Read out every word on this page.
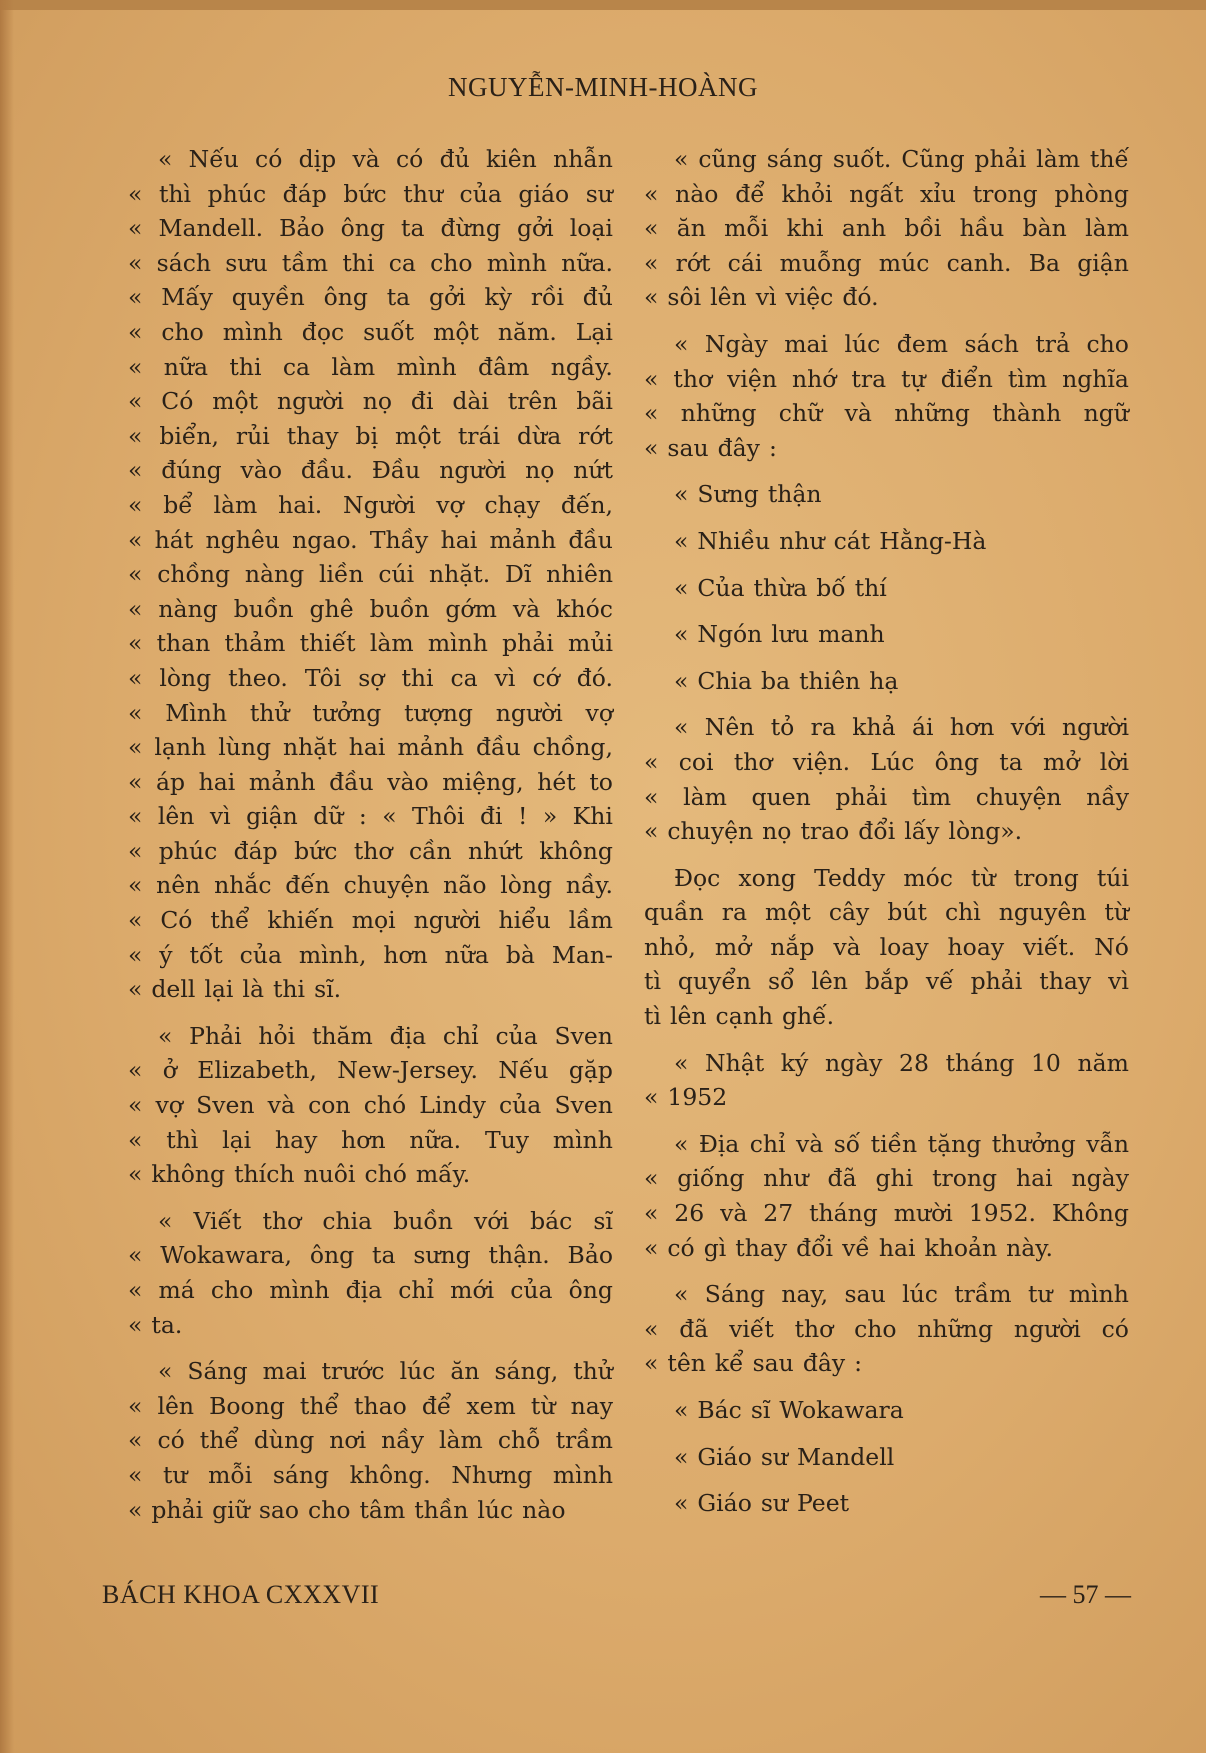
NGUYỄN-MINH-HOÀNG
« Nếu có dịp và có đủ kiên nhẫn
« thì phúc đáp bức thư của giáo sư
« Mandell. Bảo ông ta đừng gởi loại
« sách sưu tầm thi ca cho mình nữa.
« Mấy quyền ông ta gởi kỳ rồi đủ
« cho mình đọc suốt một năm. Lại
« nữa thi ca làm mình đâm ngầy.
« Có một người nọ đi dài trên bãi
« biển, rủi thay bị một trái dừa rớt
« đúng vào đầu. Đầu người nọ nứt
« bể làm hai. Người vợ chạy đến,
« hát nghêu ngao. Thầy hai mảnh đầu
« chồng nàng liền cúi nhặt. Dĩ nhiên
« nàng buồn ghê buồn gớm và khóc
« than thảm thiết làm mình phải mủi
« lòng theo. Tôi sợ thi ca vì cớ đó.
« Mình thử tưởng tượng người vợ
« lạnh lùng nhặt hai mảnh đầu chồng,
« áp hai mảnh đầu vào miệng, hét to
« lên vì giận dữ : « Thôi đi ! » Khi
« phúc đáp bức thơ cần nhứt không
« nên nhắc đến chuyện não lòng nầy.
« Có thể khiến mọi người hiểu lầm
« ý tốt của mình, hơn nữa bà Man-
« dell lại là thi sĩ.
« Phải hỏi thăm địa chỉ của Sven
« ở Elizabeth, New-Jersey. Nếu gặp
« vợ Sven và con chó Lindy của Sven
« thì lại hay hơn nữa. Tuy mình
« không thích nuôi chó mấy.
« Viết thơ chia buồn với bác sĩ
« Wokawara, ông ta sưng thận. Bảo
« má cho mình địa chỉ mới của ông
« ta.
« Sáng mai trước lúc ăn sáng, thử
« lên Boong thể thao để xem từ nay
« có thể dùng nơi nầy làm chỗ trầm
« tư mỗi sáng không. Nhưng mình
« phải giữ sao cho tâm thần lúc nào
« cũng sáng suốt. Cũng phải làm thế
« nào để khỏi ngất xỉu trong phòng
« ăn mỗi khi anh bồi hầu bàn làm
« rớt cái muỗng múc canh. Ba giận
« sôi lên vì việc đó.
« Ngày mai lúc đem sách trả cho
« thơ viện nhớ tra tự điển tìm nghĩa
« những chữ và những thành ngữ
« sau đây :
« Sưng thận
« Nhiều như cát Hằng-Hà
« Của thừa bố thí
« Ngón lưu manh
« Chia ba thiên hạ
« Nên tỏ ra khả ái hơn với người
« coi thơ viện. Lúc ông ta mở lời
« làm quen phải tìm chuyện nầy
« chuyện nọ trao đổi lấy lòng».
Đọc xong Teddy móc từ trong túi
quần ra một cây bút chì nguyên từ
nhỏ, mở nắp và loay hoay viết. Nó
tì quyển sổ lên bắp vế phải thay vì
tì lên cạnh ghế.
« Nhật ký ngày 28 tháng 10 năm
« 1952
« Địa chỉ và số tiền tặng thưởng vẫn
« giống như đã ghi trong hai ngày
« 26 và 27 tháng mười 1952. Không
« có gì thay đổi về hai khoản này.
« Sáng nay, sau lúc trầm tư mình
« đã viết thơ cho những người có
« tên kể sau đây :
« Bác sĩ Wokawara
« Giáo sư Mandell
« Giáo sư Peet
BÁCH KHOA CXXXVII	— 57 —
